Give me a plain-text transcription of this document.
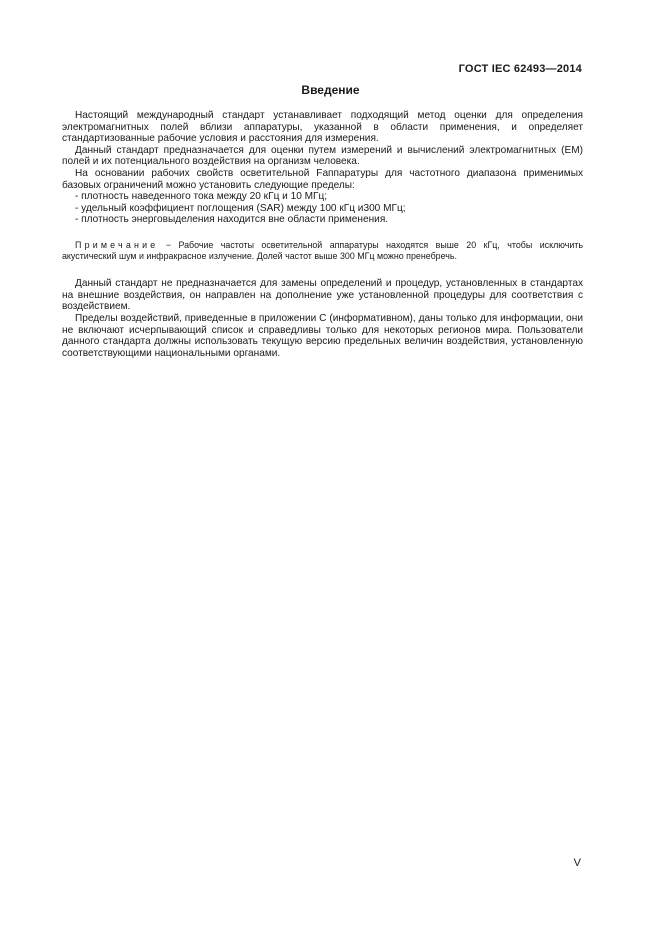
ГОСТ IEC 62493—2014
Введение

Настоящий международный стандарт устанавливает подходящий метод оценки для определения электромагнитных полей вблизи аппаратуры, указанной в области применения, и определяет стандартизованные рабочие условия и расстояния для измерения.

Данный стандарт предназначается для оценки путем измерений и вычислений электромагнитных (ЕМ) полей и их потенциального воздействия на организм человека.

На основании рабочих свойств осветительной Fаппаратуры для частотного диапазона применимых базовых ограничений можно установить следующие пределы:

- плотность наведенного тока между 20 кГц и 10 МГц;

- удельный коэффициент поглощения (SAR) между 100 кГц и300 МГц;

- плотность энерговыделения находится вне области применения.

Примечание − Рабочие частоты осветительной аппаратуры находятся выше 20 кГц, чтобы исключить акустический шум и инфракрасное излучение. Долей частот выше 300 МГц можно пренебречь.

Данный стандарт не предназначается для замены определений и процедур, установленных в стандартах на внешние воздействия, он направлен на дополнение уже установленной процедуры для соответствия с воздействием.

Пределы воздействий, приведенные в приложении С (информативном), даны только для информации, они не включают исчерпывающий список и справедливы только для некоторых регионов мира. Пользователи данного стандарта должны использовать текущую версию предельных величин воздействия, установленную соответствующими национальными органами.

V
